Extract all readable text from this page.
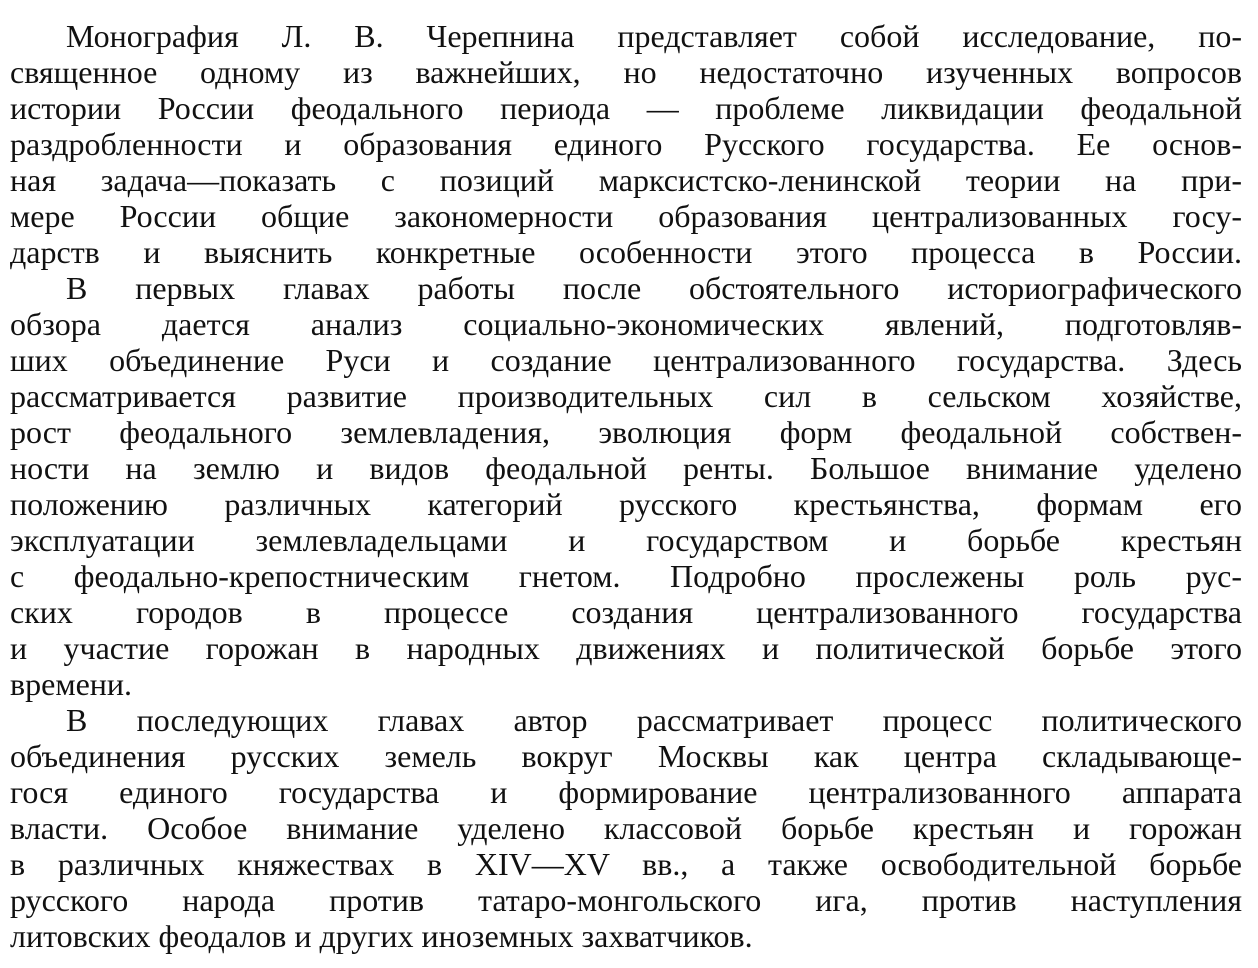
Монография Л. В. Черепнина представляет собой исследование, по-
священное одному из важнейших, но недостаточно изученных вопросов
истории России феодального периода — проблеме ликвидации феодальной
раздробленности и образования единого Русского государства. Ее основ-
ная задача—показать с позиций марксистско-ленинской теории на при-
мере России общие закономерности образования централизованных госу-
дарств и выяснить конкретные особенности этого процесса в России.
В первых главах работы после обстоятельного историографического
обзора дается анализ социально-экономических явлений, подготовляв-
ших объединение Руси и создание централизованного государства. Здесь
рассматривается развитие производительных сил в сельском хозяйстве,
рост феодального землевладения, эволюция форм феодальной собствен-
ности на землю и видов феодальной ренты. Большое внимание уделено
положению различных категорий русского крестьянства, формам его
эксплуатации землевладельцами и государством и борьбе крестьян
с феодально-крепостническим гнетом. Подробно прослежены роль рус-
ских городов в процессе создания централизованного государства
и участие горожан в народных движениях и политической борьбе этого
времени.
В последующих главах автор рассматривает процесс политического
объединения русских земель вокруг Москвы как центра складывающе-
гося единого государства и формирование централизованного аппарата
власти. Особое внимание уделено классовой борьбе крестьян и горожан
в различных княжествах в XIV—XV вв., а также освободительной борьбе
русского народа против татаро-монгольского ига, против наступления
литовских феодалов и других иноземных захватчиков.
